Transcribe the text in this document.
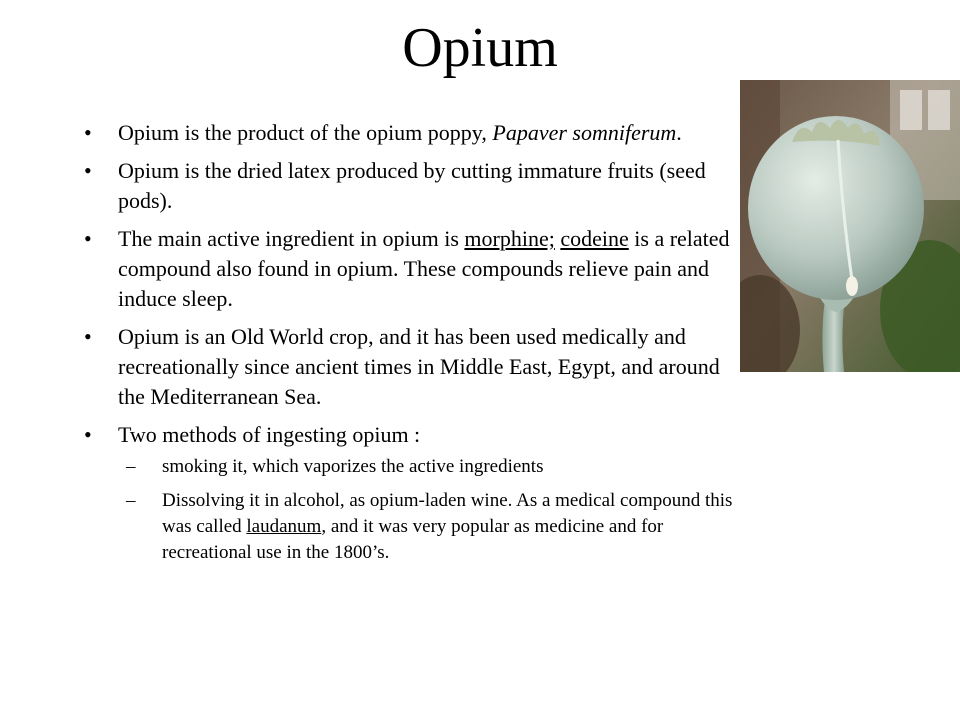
Opium
• Opium is the product of the opium poppy, Papaver somniferum.
• Opium is the dried latex produced by cutting immature fruits (seed pods).
• The main active ingredient in opium is morphine; codeine is a related compound also found in opium. These compounds relieve pain and induce sleep.
• Opium is an Old World crop, and it has been used medically and recreationally since ancient times in Middle East, Egypt, and around the Mediterranean Sea.
• Two methods of ingesting opium :
– smoking it, which vaporizes the active ingredients
– Dissolving it in alcohol, as opium-laden wine. As a medical compound this was called laudanum, and it was very popular as medicine and for recreational use in the 1800’s.
